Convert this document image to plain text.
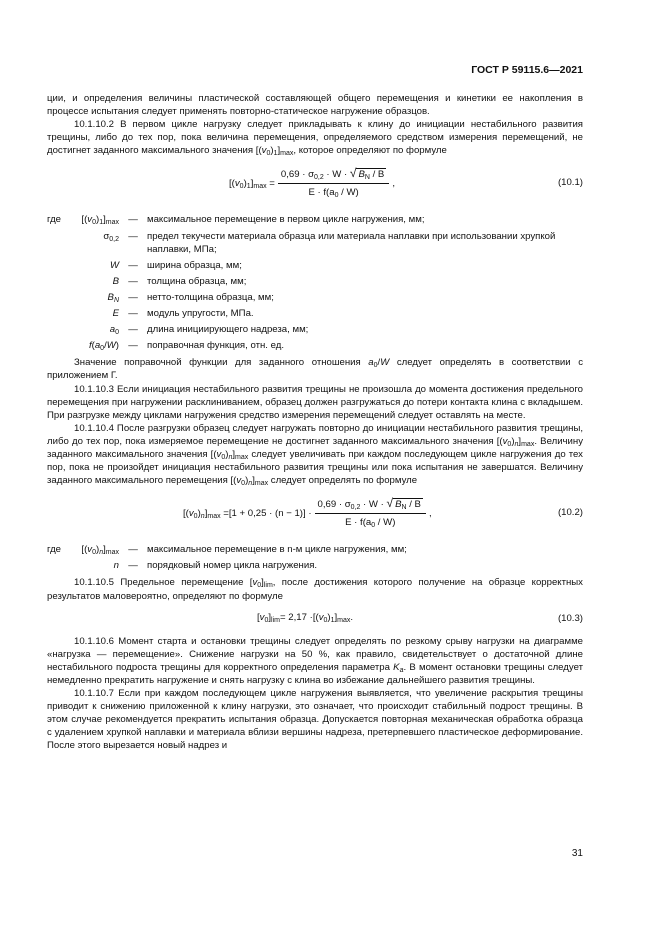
ГОСТ Р 59115.6—2021

ции, и определения величины пластической составляющей общего перемещения и кинетики ее накопления в процессе испытания следует применять повторно-статическое нагружение образцов.

10.1.10.2 В первом цикле нагрузку следует прикладывать к клину до инициации нестабильного развития трещины, либо до тех пор, пока величина перемещения, определяемого средством измерения перемещений, не достигнет заданного максимального значения $[(v_0)_1]_{max}$, которое определяют по формуле

$[(v_0)_1]_{max} = \frac{0,69 \cdot \sigma_{0,2} \cdot W \cdot √ B_N / B}{E \cdot f(a_0 / W)}$ ,	(10.1)
где $[(v_0)_1]_{max}$ — максимальное перемещение в первом цикле нагружения, мм;
$\sigma_{0,2}$ — предел текучести материала образца или материала наплавки при использовании хрупкой наплавки, МПа;
W — ширина образца, мм;
B — толщина образца, мм;
$B_N$ — нетто-толщина образца, мм;
E — модуль упругости, МПа.
$a_0$ — длина инициирующего надреза, мм;
$f(a_0/W)$ — поправочная функция, отн. ед.

Значение поправочной функции для заданного отношения $a_0/W$ следует определять в соответствии с приложением Г.

10.1.10.3 Если инициация нестабильного развития трещины не произошла до момента достижения предельного перемещения при нагружении расклиниванием, образец должен разгружаться до потери контакта клина с вкладышем. При разгрузке между циклами нагружения средство измерения перемещений следует оставлять на месте.

10.1.10.4 После разгрузки образец следует нагружать повторно до инициации нестабильного развития трещины, либо до тех пор, пока измеряемое перемещение не достигнет заданного максимального значения $[(v_0)_n]_{max}$. Величину заданного максимального значения $[(v_0)_n]_{max}$ следует увеличивать при каждом последующем цикле нагружения до тех пор, пока не произойдет инициация нестабильного развития трещины или пока испытания не завершатся. Величину заданного максимального перемещения $[(v_0)_n]_{max}$ следует определять по формуле

$[(v_0)_n]_{max} = [1 + 0,25 \cdot (n - 1)] \cdot \frac{0,69 \cdot \sigma_{0,2} \cdot W \cdot √ B_N / B}{E \cdot f(a_0 / W)}$ ,	(10.2)
где $[(v_0)_n]_{max}$ — максимальное перемещение в n-м цикле нагружения, мм;
n — порядковый номер цикла нагружения.

10.1.10.5 Предельное перемещение $[v_0]_{lim}$, после достижения которого получение на образце корректных результатов маловероятно, определяют по формуле

$[v_0]_{lim} = 2,17 \cdot [(v_0)_1]_{max}$.	(10.3)

10.1.10.6 Момент старта и остановки трещины следует определять по резкому срыву нагрузки на диаграмме «нагрузка — перемещение». Снижение нагрузки на 50 %, как правило, свидетельствует о достаточной длине нестабильного подроста трещины для корректного определения параметра $K_a$. В момент остановки трещины следует немедленно прекратить нагружение и снять нагрузку с клина во избежание дальнейшего развития трещины.

10.1.10.7 Если при каждом последующем цикле нагружения выявляется, что увеличение раскрытия трещины приводит к снижению приложенной к клину нагрузки, это означает, что происходит стабильный подрост трещины. В этом случае рекомендуется прекратить испытания образца. Допускается повторная механическая обработка образца с удалением хрупкой наплавки и материала вблизи вершины надреза, претерпевшего пластическое деформирование. После этого вырезается новый надрез и

31
